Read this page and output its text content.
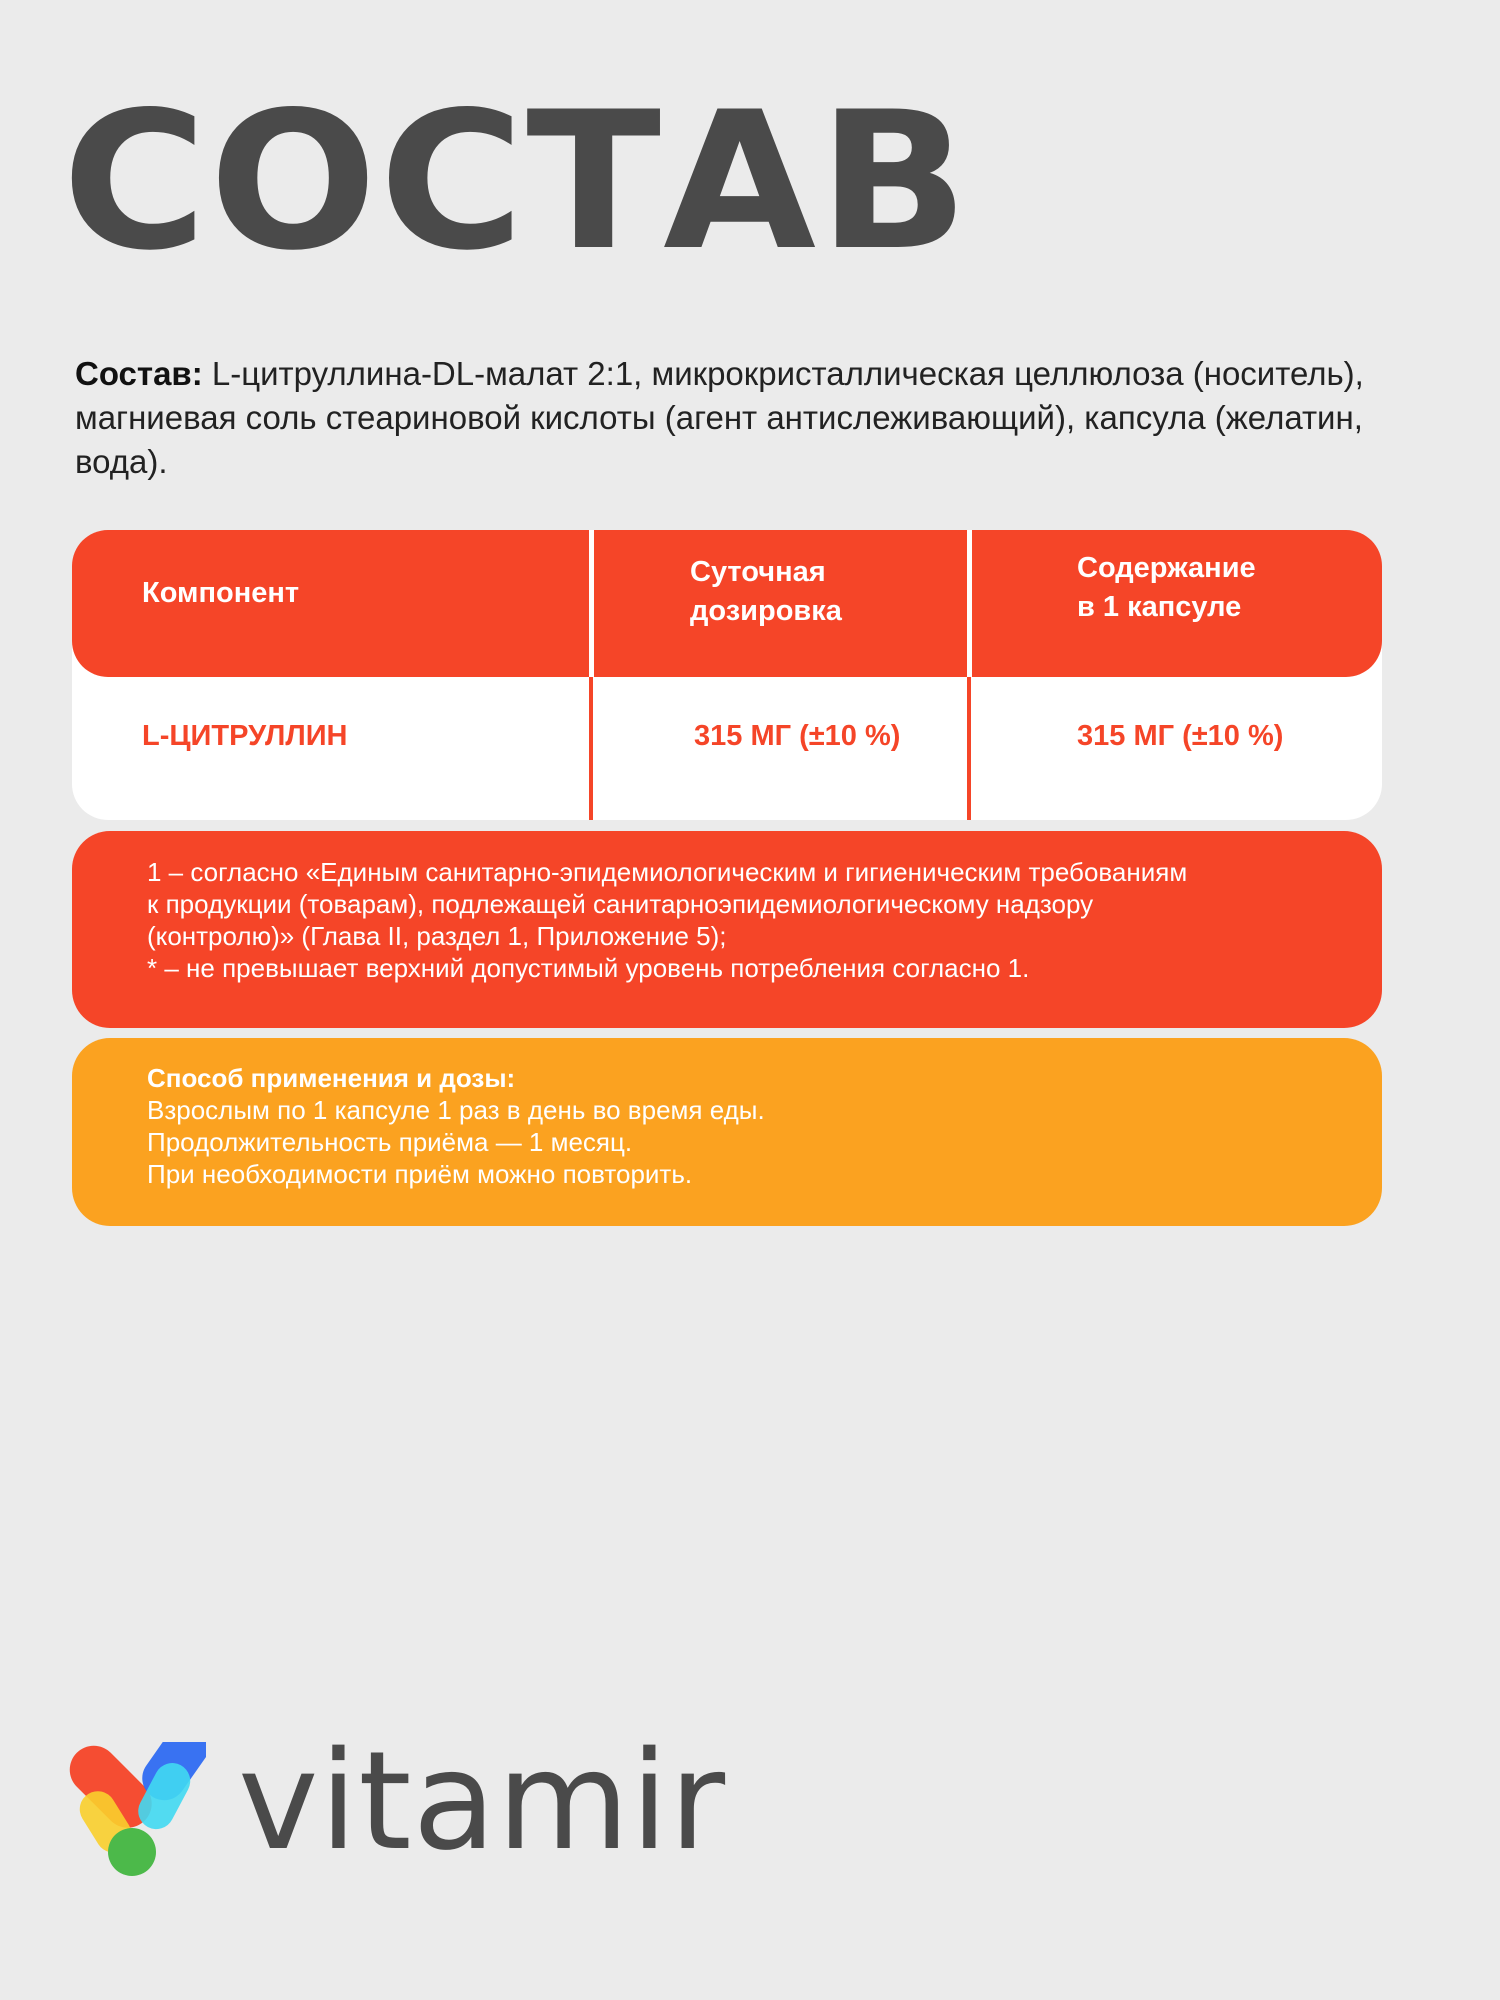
СОСТАВ
Состав: L-цитруллина-DL-малат 2:1, микрокристаллическая целлюлоза (носитель), магниевая соль стеариновой кислоты (агент антислеживающий), капсула (желатин, вода).
Компонент
Суточная
дозировка
Содержание
в 1 капсуле
L-ЦИТРУЛЛИН	315 МГ (±10 %)	315 МГ (±10 %)
1 – согласно «Единым санитарно-эпидемиологическим и гигиеническим требованиям
к продукции (товарам), подлежащей санитарноэпидемиологическому надзору
(контролю)» (Глава II, раздел 1, Приложение 5);
* – не превышает верхний допустимый уровень потребления согласно 1.
Способ применения и дозы:
Взрослым по 1 капсуле 1 раз в день во время еды.
Продолжительность приёма — 1 месяц.
При необходимости приём можно повторить.
vitamir
